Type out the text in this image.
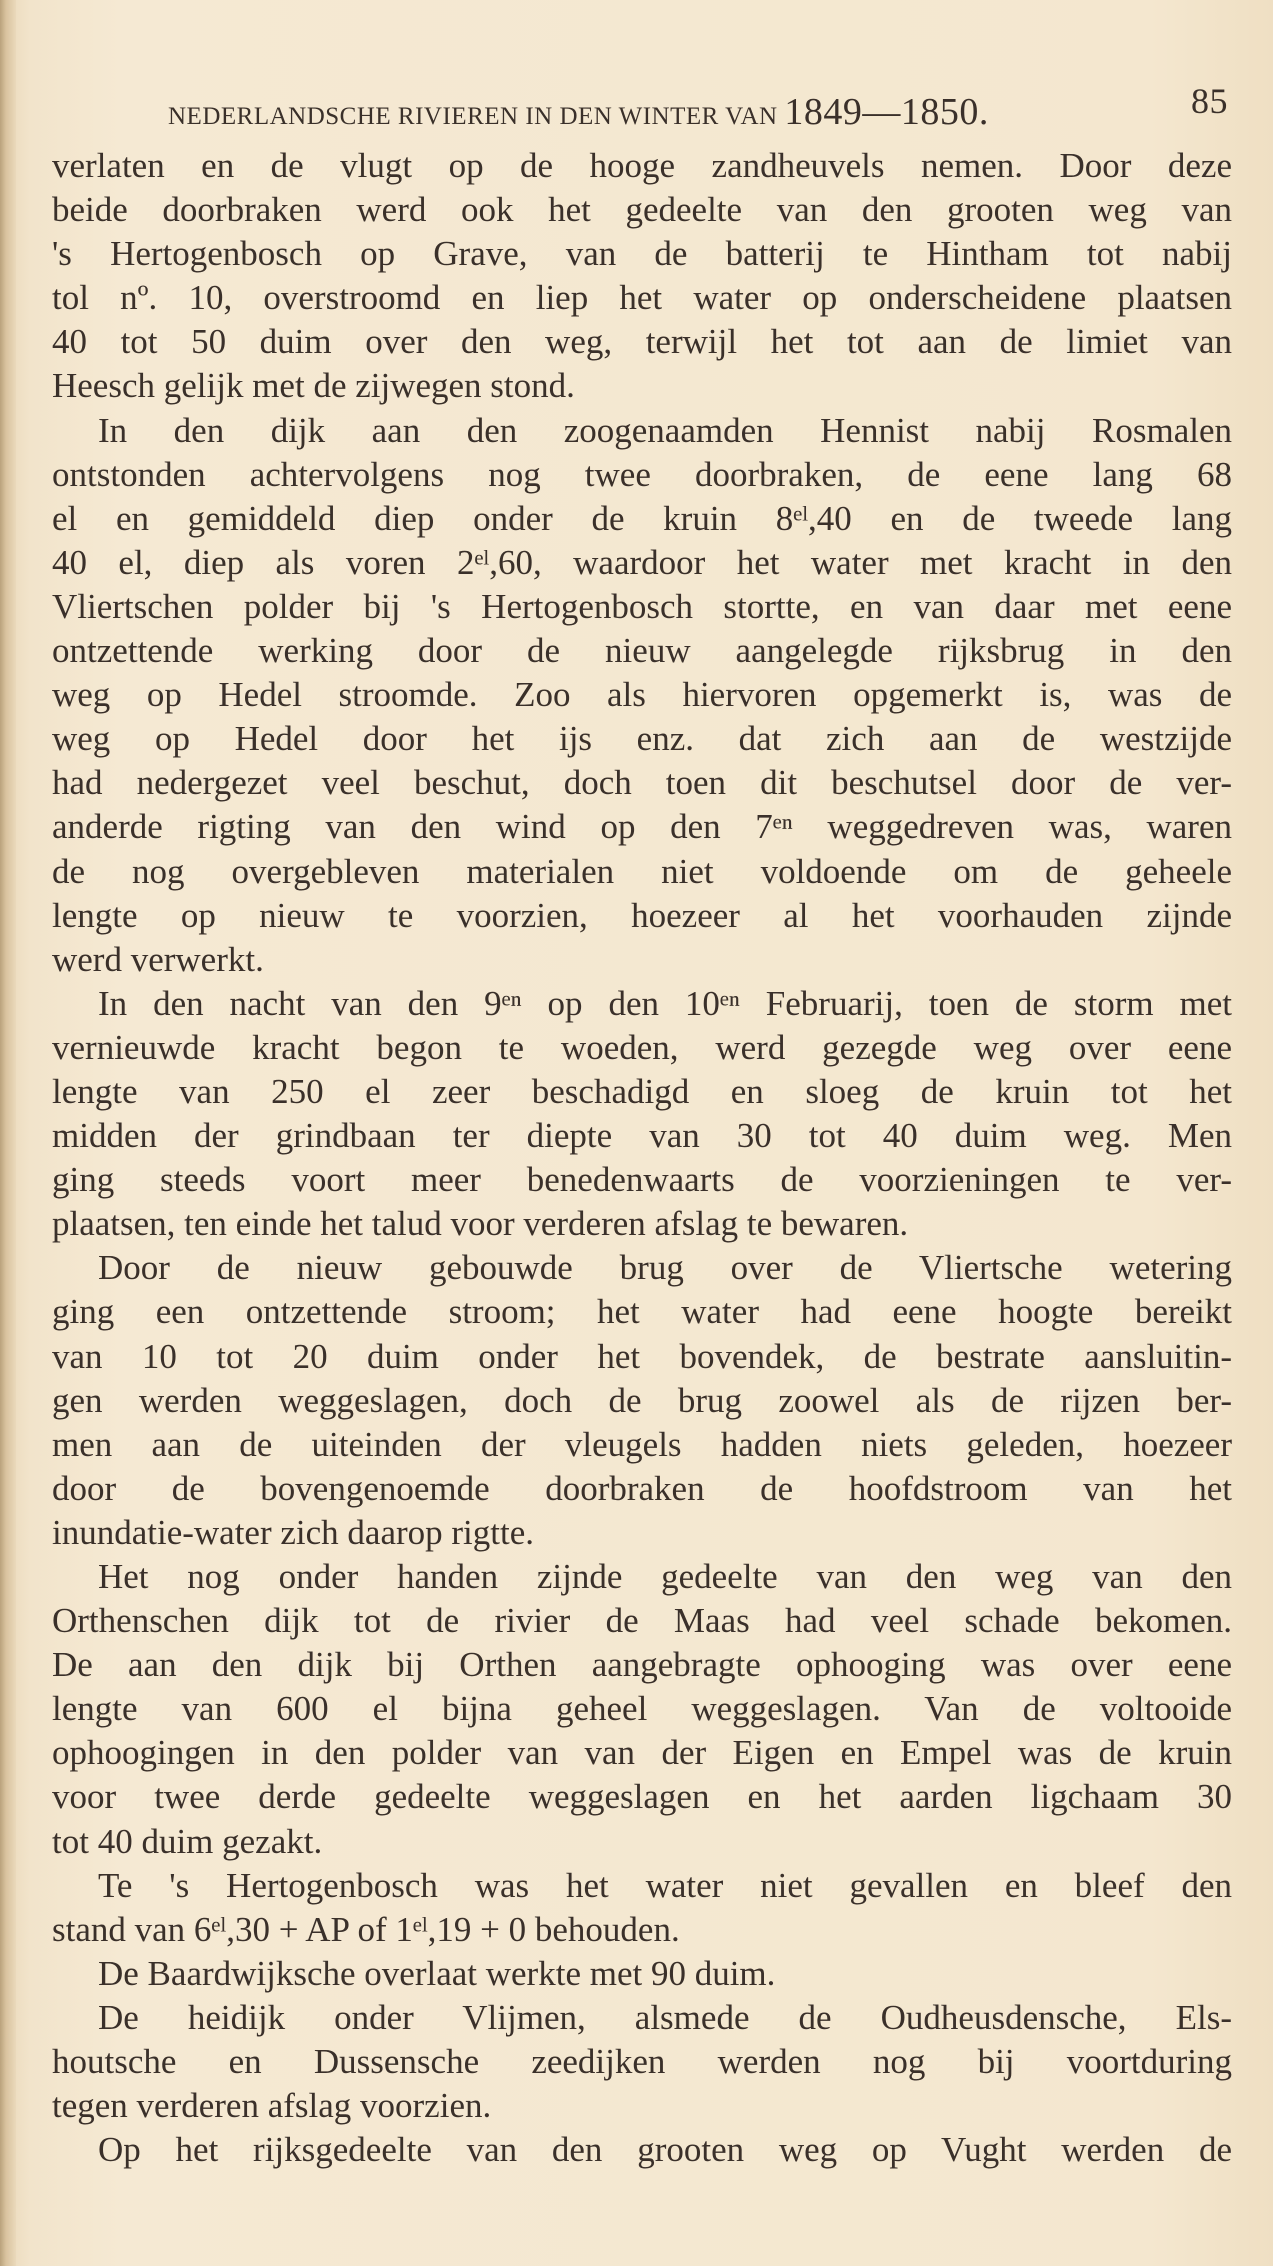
NEDERLANDSCHE RIVIEREN IN DEN WINTER VAN 1849—1850.	85
verlaten en de vlugt op de hooge zandheuvels nemen. Door deze
beide doorbraken werd ook het gedeelte van den grooten weg van
's Hertogenbosch op Grave, van de batterij te Hintham tot nabij
tol nº. 10, overstroomd en liep het water op onderscheidene plaatsen
40 tot 50 duim over den weg, terwijl het tot aan de limiet van
Heesch gelijk met de zijwegen stond.
In den dijk aan den zoogenaamden Hennist nabij Rosmalen
ontstonden achtervolgens nog twee doorbraken, de eene lang 68
el en gemiddeld diep onder de kruin 8ᵉˡ,40 en de tweede lang
40 el, diep als voren 2ᵉˡ,60, waardoor het water met kracht in den
Vliertschen polder bij 's Hertogenbosch stortte, en van daar met eene
ontzettende werking door de nieuw aangelegde rijksbrug in den
weg op Hedel stroomde. Zoo als hiervoren opgemerkt is, was de
weg op Hedel door het ijs enz. dat zich aan de westzijde
had nedergezet veel beschut, doch toen dit beschutsel door de ver-
anderde rigting van den wind op den 7ᵉⁿ weggedreven was, waren
de nog overgebleven materialen niet voldoende om de geheele
lengte op nieuw te voorzien, hoezeer al het voorhauden zijnde
werd verwerkt.
In den nacht van den 9ᵉⁿ op den 10ᵉⁿ Februarij, toen de storm met
vernieuwde kracht begon te woeden, werd gezegde weg over eene
lengte van 250 el zeer beschadigd en sloeg de kruin tot het
midden der grindbaan ter diepte van 30 tot 40 duim weg. Men
ging steeds voort meer benedenwaarts de voorzieningen te ver-
plaatsen, ten einde het talud voor verderen afslag te bewaren.
Door de nieuw gebouwde brug over de Vliertsche wetering
ging een ontzettende stroom; het water had eene hoogte bereikt
van 10 tot 20 duim onder het bovendek, de bestrate aansluitin-
gen werden weggeslagen, doch de brug zoowel als de rijzen ber-
men aan de uiteinden der vleugels hadden niets geleden, hoezeer
door de bovengenoemde doorbraken de hoofdstroom van het
inundatie-water zich daarop rigtte.
Het nog onder handen zijnde gedeelte van den weg van den
Orthenschen dijk tot de rivier de Maas had veel schade bekomen.
De aan den dijk bij Orthen aangebragte ophooging was over eene
lengte van 600 el bijna geheel weggeslagen. Van de voltooide
ophoogingen in den polder van van der Eigen en Empel was de kruin
voor twee derde gedeelte weggeslagen en het aarden ligchaam 30
tot 40 duim gezakt.
Te 's Hertogenbosch was het water niet gevallen en bleef den
stand van 6ᵉˡ,30 + AP of 1ᵉˡ,19 + 0 behouden.
De Baardwijksche overlaat werkte met 90 duim.
De heidijk onder Vlijmen, alsmede de Oudheusdensche, Els-
houtsche en Dussensche zeedijken werden nog bij voortduring
tegen verderen afslag voorzien.
Op het rijksgedeelte van den grooten weg op Vught werden de
